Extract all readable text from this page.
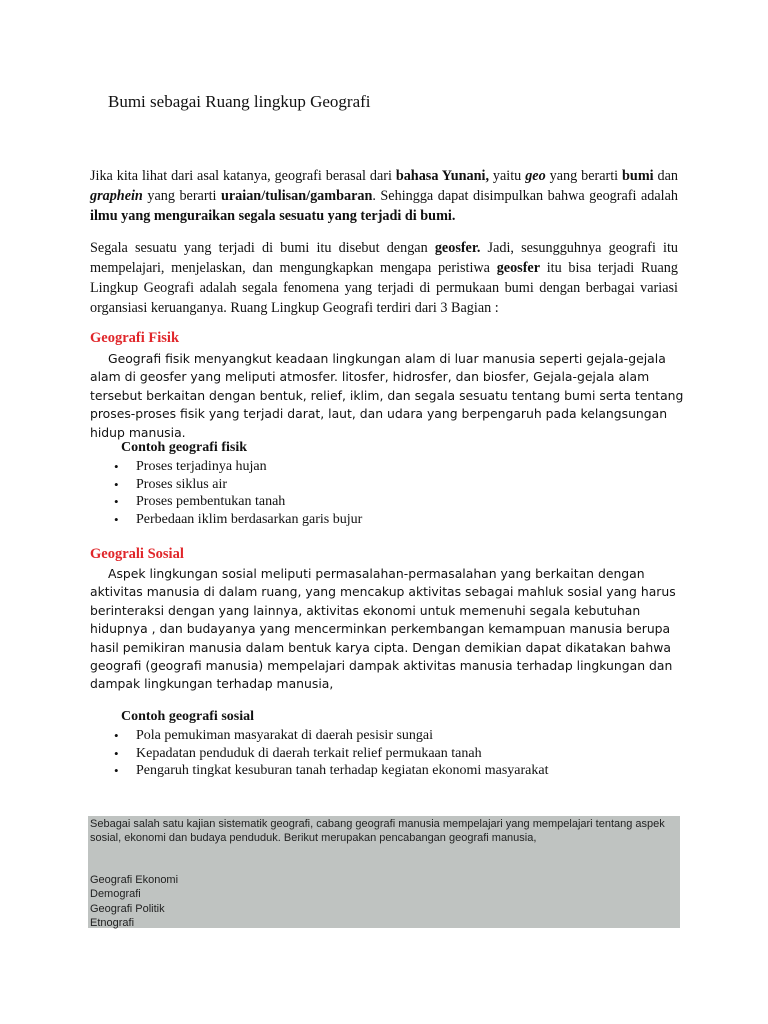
Bumi sebagai Ruang lingkup Geografi

Jika kita lihat dari asal katanya, geografi berasal dari bahasa Yunani, yaitu geo yang berarti bumi dan graphein yang berarti uraian/tulisan/gambaran. Sehingga dapat disimpulkan bahwa geografi adalah ilmu yang menguraikan segala sesuatu yang terjadi di bumi.

Segala sesuatu yang terjadi di bumi itu disebut dengan geosfer. Jadi, sesungguhnya geografi itu mempelajari, menjelaskan, dan mengungkapkan mengapa peristiwa geosfer itu bisa terjadi Ruang Lingkup Geografi adalah segala fenomena yang terjadi di permukaan bumi dengan berbagai variasi organsiasi keruanganya. Ruang Lingkup Geografi terdiri dari 3 Bagian :

Geografi Fisik

Geografi fisik menyangkut keadaan lingkungan alam di luar manusia seperti gejala-gejala alam di geosfer yang meliputi atmosfer. litosfer, hidrosfer, dan biosfer, Gejala-gejala alam tersebut berkaitan dengan bentuk, relief, iklim, dan segala sesuatu tentang bumi serta tentang proses-proses fisik yang terjadi darat, laut, dan udara yang berpengaruh pada kelangsungan hidup manusia.

Contoh geografi fisik
• Proses terjadinya hujan
• Proses siklus air
• Proses pembentukan tanah
• Perbedaan iklim berdasarkan garis bujur
Geograli Sosial

Aspek lingkungan sosial meliputi permasalahan-permasalahan yang berkaitan dengan aktivitas manusia di dalam ruang, yang mencakup aktivitas sebagai mahluk sosial yang harus berinteraksi dengan yang lainnya, aktivitas ekonomi untuk memenuhi segala kebutuhan hidupnya , dan budayanya yang mencerminkan perkembangan kemampuan manusia berupa hasil pemikiran manusia dalam bentuk karya cipta. Dengan demikian dapat dikatakan bahwa geografi (geografi manusia) mempelajari dampak aktivitas manusia terhadap lingkungan dan dampak lingkungan terhadap manusia,

Contoh geografi sosial
• Pola pemukiman masyarakat di daerah pesisir sungai
• Kepadatan penduduk di daerah terkait relief permukaan tanah
• Pengaruh tingkat kesuburan tanah terhadap kegiatan ekonomi masyarakat

Sebagai salah satu kajian sistematik geografi, cabang geografi manusia mempelajari yang mempelajari tentang aspek sosial, ekonomi dan budaya penduduk. Berikut merupakan pencabangan geografi manusia,

Geografi Ekonomi
Demografi
Geografi Politik
Etnografi
